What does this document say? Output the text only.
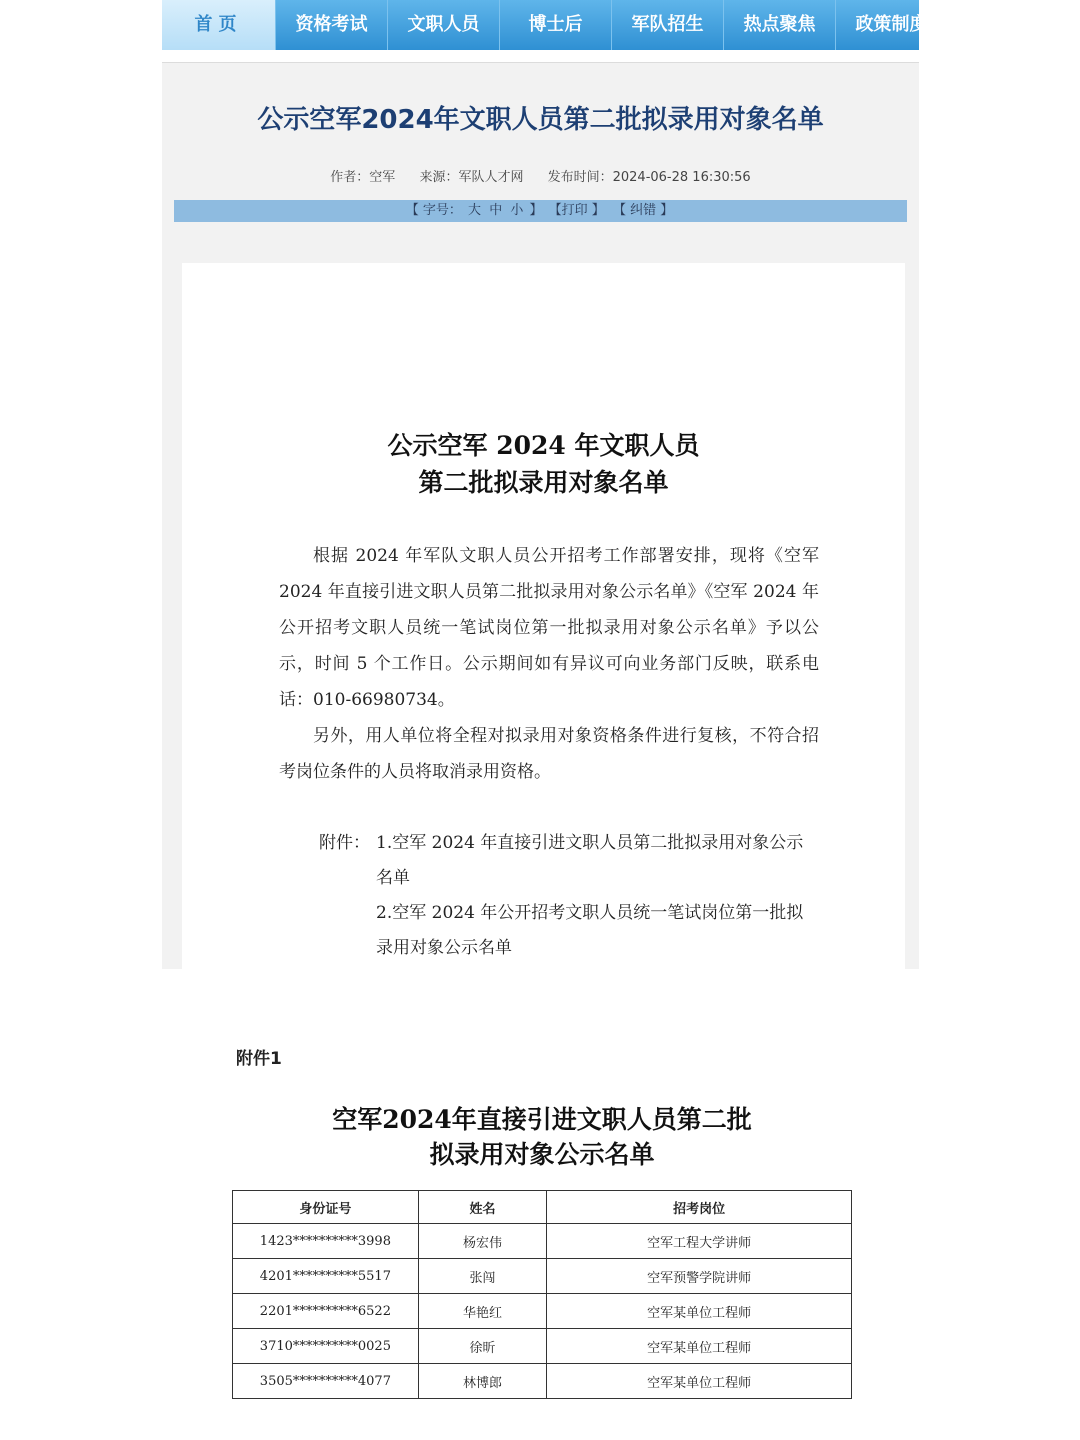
首页	资格考试	文职人员	博士后	军队招生	热点聚焦	政策制度
公示空军2024年文职人员第二批拟录用对象名单
作者：空军 来源：军队人才网 发布时间：2024-06-28 16:30:56
【 字号： 大 中 小 】 【打印 】 【 纠错 】
公示空军 2024 年文职人员
第二批拟录用对象名单

根据 2024 年军队文职人员公开招考工作部署安排，现将《空军 2024 年直接引进文职人员第二批拟录用对象公示名单》《空军 2024 年公开招考文职人员统一笔试岗位第一批拟录用对象公示名单》予以公示，时间 5 个工作日。公示期间如有异议可向业务部门反映，联系电话：010-66980734。

另外，用人单位将全程对拟录用对象资格条件进行复核，不符合招考岗位条件的人员将取消录用资格。

附件： 1.空军 2024 年直接引进文职人员第二批拟录用对象公示名单
2.空军 2024 年公开招考文职人员统一笔试岗位第一批拟录用对象公示名单
附件1
空军2024年直接引进文职人员第二批
拟录用对象公示名单
身份证号	姓名	招考岗位
1423**********3998	杨宏伟	空军工程大学讲师
4201**********5517	张闯	空军预警学院讲师
2201**********6522	华艳红	空军某单位工程师
3710**********0025	徐昕	空军某单位工程师
3505**********4077	林博郎	空军某单位工程师
